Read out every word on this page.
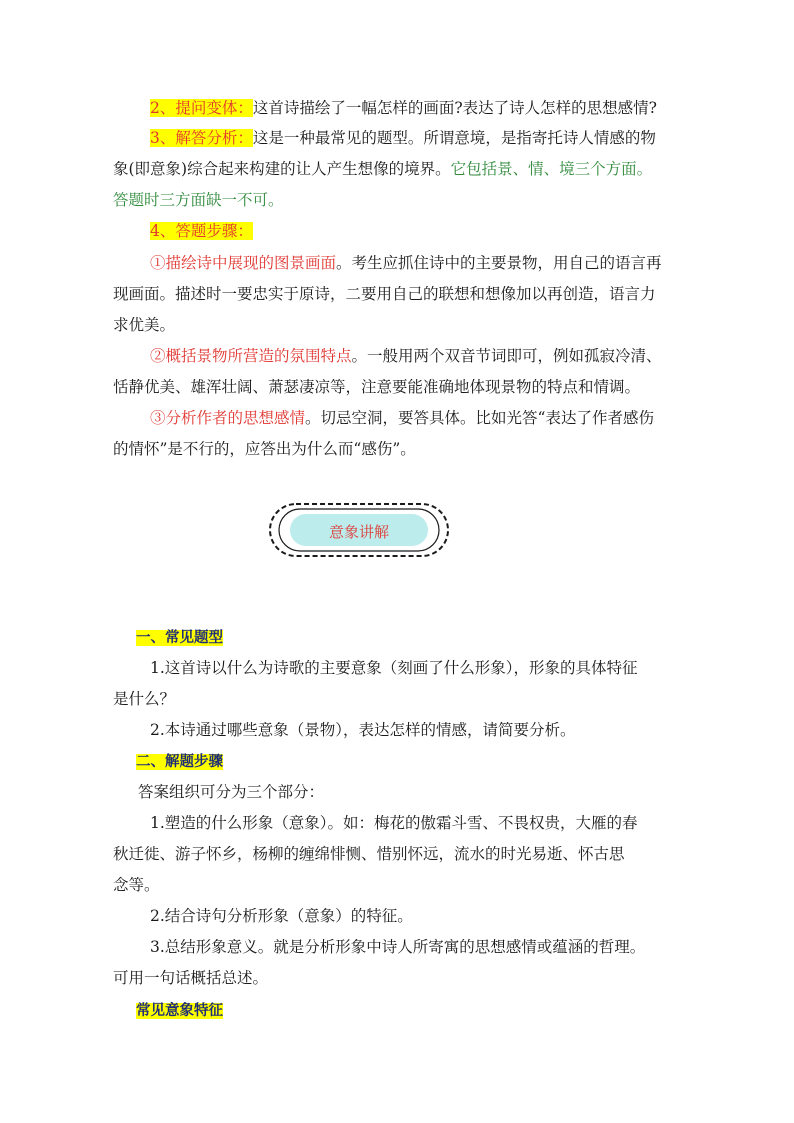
2、提问变体：这首诗描绘了一幅怎样的画面?表达了诗人怎样的思想感情?
3、解答分析：这是一种最常见的题型。所谓意境，是指寄托诗人情感的物
象(即意象)综合起来构建的让人产生想像的境界。它包括景、情、境三个方面。
答题时三方面缺一不可。
4、答题步骤：
①描绘诗中展现的图景画面。考生应抓住诗中的主要景物，用自己的语言再
现画面。描述时一要忠实于原诗，二要用自己的联想和想像加以再创造，语言力
求优美。
②概括景物所营造的氛围特点。一般用两个双音节词即可，例如孤寂冷清、
恬静优美、雄浑壮阔、萧瑟凄凉等，注意要能准确地体现景物的特点和情调。
③分析作者的思想感情。切忌空洞，要答具体。比如光答“表达了作者感伤
的情怀”是不行的，应答出为什么而“感伤”。
意象讲解
一、常见题型
1.这首诗以什么为诗歌的主要意象（刻画了什么形象），形象的具体特征
是什么？
2.本诗通过哪些意象（景物），表达怎样的情感，请简要分析。
二、解题步骤
答案组织可分为三个部分：
1.塑造的什么形象（意象）。如：梅花的傲霜斗雪、不畏权贵，大雁的春
秋迁徙、游子怀乡，杨柳的缠绵悱恻、惜别怀远，流水的时光易逝、怀古思
念等。
2.结合诗句分析形象（意象）的特征。
3.总结形象意义。就是分析形象中诗人所寄寓的思想感情或蕴涵的哲理。
可用一句话概括总述。
常见意象特征
